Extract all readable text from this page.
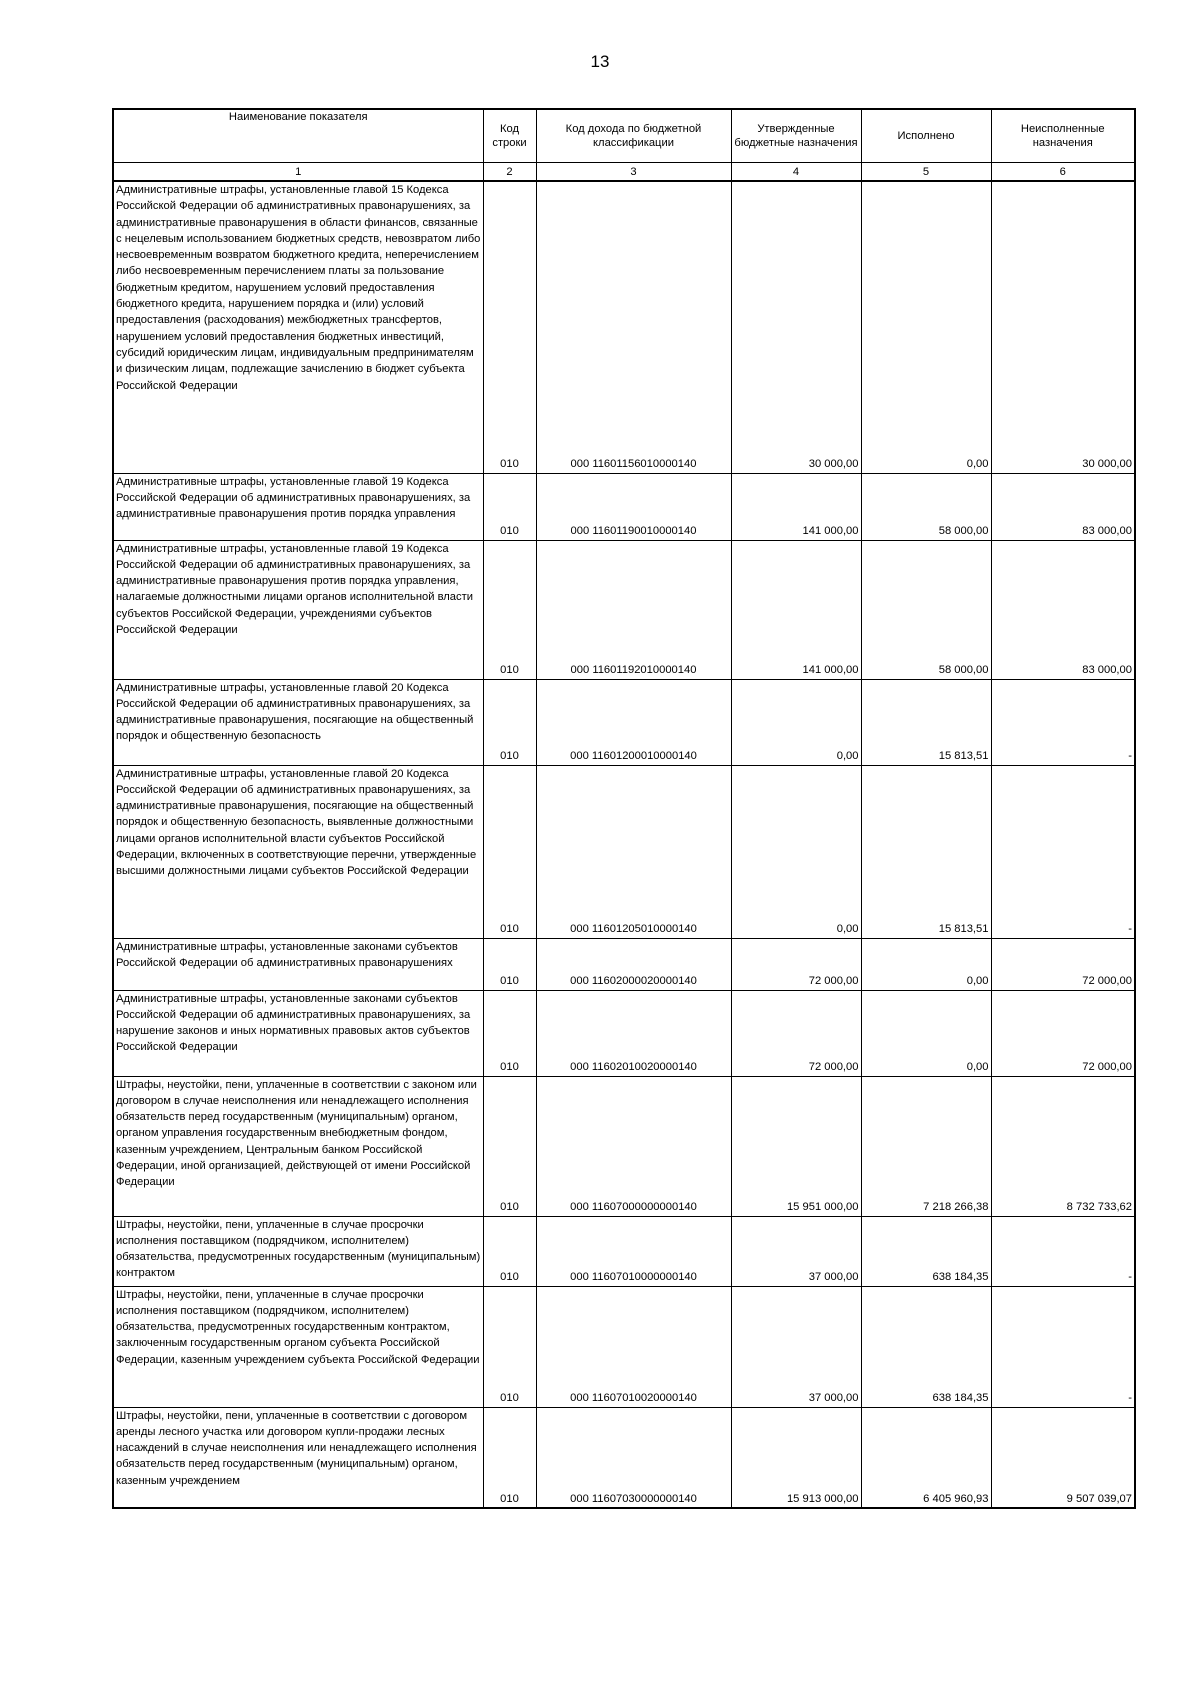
13
Наименование показателя	Код строки	Код дохода по бюджетной классификации	Утвержденные бюджетные назначения	Исполнено	Неисполненные назначения
1	2	3	4	5	6
Административные штрафы, установленные главой 15 Кодекса Российской Федерации об административных правонарушениях, за административные правонарушения в области финансов, связанные с нецелевым использованием бюджетных средств, невозвратом либо несвоевременным возвратом бюджетного кредита, неперечислением либо несвоевременным перечислением платы за пользование бюджетным кредитом, нарушением условий предоставления бюджетного кредита, нарушением порядка и (или) условий предоставления (расходования) межбюджетных трансфертов, нарушением условий предоставления бюджетных инвестиций, субсидий юридическим лицам, индивидуальным предпринимателям и физическим лицам, подлежащие зачислению в бюджет субъекта Российской Федерации	010	000 11601156010000140	30 000,00	0,00	30 000,00
Административные штрафы, установленные главой 19 Кодекса Российской Федерации об административных правонарушениях, за административные правонарушения против порядка управления	010	000 11601190010000140	141 000,00	58 000,00	83 000,00
Административные штрафы, установленные главой 19 Кодекса Российской Федерации об административных правонарушениях, за административные правонарушения против порядка управления, налагаемые должностными лицами органов исполнительной власти субъектов Российской Федерации, учреждениями субъектов Российской Федерации	010	000 11601192010000140	141 000,00	58 000,00	83 000,00
Административные штрафы, установленные главой 20 Кодекса Российской Федерации об административных правонарушениях, за административные правонарушения, посягающие на общественный порядок и общественную безопасность	010	000 11601200010000140	0,00	15 813,51	-
Административные штрафы, установленные главой 20 Кодекса Российской Федерации об административных правонарушениях, за административные правонарушения, посягающие на общественный порядок и общественную безопасность, выявленные должностными лицами органов исполнительной власти субъектов Российской Федерации, включенных в соответствующие перечни, утвержденные высшими должностными лицами субъектов Российской Федерации	010	000 11601205010000140	0,00	15 813,51	-
Административные штрафы, установленные законами субъектов Российской Федерации об административных правонарушениях	010	000 11602000020000140	72 000,00	0,00	72 000,00
Административные штрафы, установленные законами субъектов Российской Федерации об административных правонарушениях, за нарушение законов и иных нормативных правовых актов субъектов Российской Федерации	010	000 11602010020000140	72 000,00	0,00	72 000,00
Штрафы, неустойки, пени, уплаченные в соответствии с законом или договором в случае неисполнения или ненадлежащего исполнения обязательств перед государственным (муниципальным) органом, органом управления государственным внебюджетным фондом, казенным учреждением, Центральным банком Российской Федерации, иной организацией, действующей от имени Российской Федерации	010	000 11607000000000140	15 951 000,00	7 218 266,38	8 732 733,62
Штрафы, неустойки, пени, уплаченные в случае просрочки исполнения поставщиком (подрядчиком, исполнителем) обязательства, предусмотренных государственным (муниципальным) контрактом	010	000 11607010000000140	37 000,00	638 184,35	-
Штрафы, неустойки, пени, уплаченные в случае просрочки исполнения поставщиком (подрядчиком, исполнителем) обязательства, предусмотренных государственным контрактом, заключенным государственным органом субъекта Российской Федерации, казенным учреждением субъекта Российской Федерации	010	000 11607010020000140	37 000,00	638 184,35	-
Штрафы, неустойки, пени, уплаченные в соответствии с договором аренды лесного участка или договором купли-продажи лесных насаждений в случае неисполнения или ненадлежащего исполнения обязательств перед государственным (муниципальным) органом, казенным учреждением	010	000 11607030000000140	15 913 000,00	6 405 960,93	9 507 039,07
